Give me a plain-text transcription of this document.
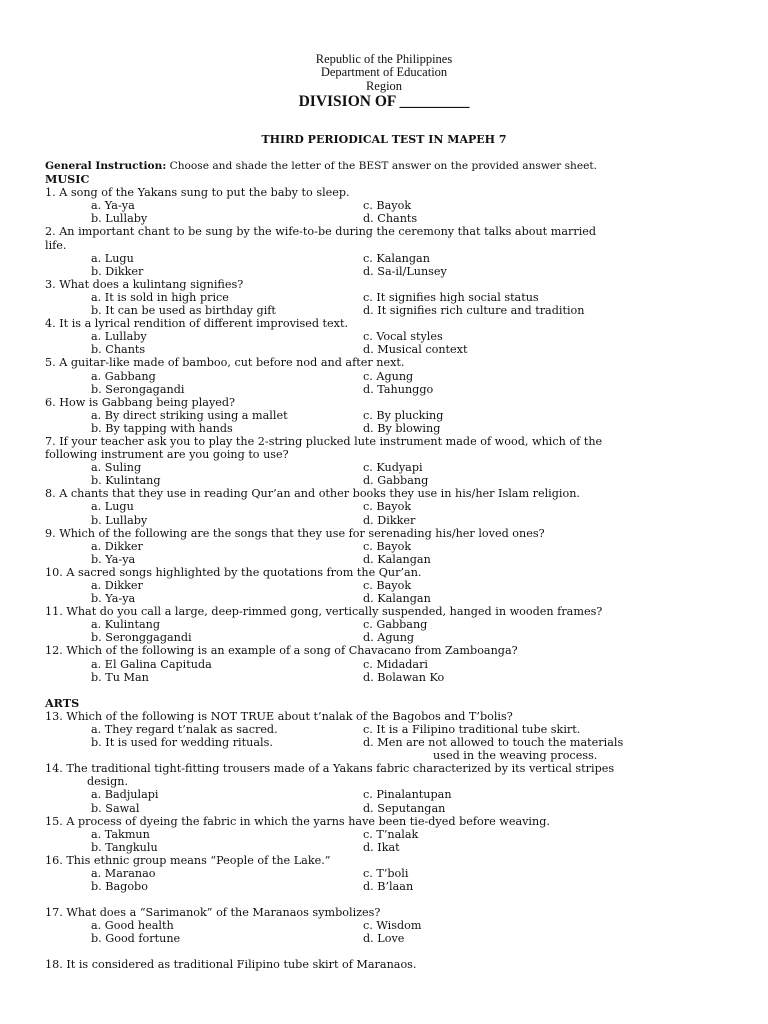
Republic of the Philippines
Department of Education
Region
DIVISION OF _________
THIRD PERIODICAL TEST IN MAPEH 7
General Instruction: Choose and shade the letter of the BEST answer on the provided answer sheet.
MUSIC
1. A song of the Yakans sung to put the baby to sleep.
a. Ya-ya	c. Bayok
b. Lullaby	d. Chants
2. An important chant to be sung by the wife-to-be during the ceremony that talks about married
life.
a. Lugu	c. Kalangan
b. Dikker	d. Sa-il/Lunsey
3. What does a kulintang signifies?
a. It is sold in high price	c. It signifies high social status
b. It can be used as birthday gift	d. It signifies rich culture and tradition
4. It is a lyrical rendition of different improvised text.
a. Lullaby	c. Vocal styles
b. Chants	d. Musical context
5. A guitar-like made of bamboo, cut before nod and after next.
a. Gabbang	c. Agung
b. Serongagandi	d. Tahunggo
6. How is Gabbang being played?
a. By direct striking using a mallet	c. By plucking
b. By tapping with hands	d. By blowing
7. If your teacher ask you to play the 2-string plucked lute instrument made of wood, which of the
following instrument are you going to use?
a. Suling	c. Kudyapi
b. Kulintang	d. Gabbang
8. A chants that they use in reading Qur’an and other books they use in his/her Islam religion.
a. Lugu	c. Bayok
b. Lullaby	d. Dikker
9. Which of the following are the songs that they use for serenading his/her loved ones?
a. Dikker	c. Bayok
b. Ya-ya	d. Kalangan
10. A sacred songs highlighted by the quotations from the Qur’an.
a. Dikker	c. Bayok
b. Ya-ya	d. Kalangan
11. What do you call a large, deep-rimmed gong, vertically suspended, hanged in wooden frames?
a. Kulintang	c. Gabbang
b. Seronggagandi	d. Agung
12. Which of the following is an example of a song of Chavacano from Zamboanga?
a. El Galina Capituda	c. Midadari
b. Tu Man	d. Bolawan Ko
ARTS
13. Which of the following is NOT TRUE about t’nalak of the Bagobos and T’bolis?
a. They regard t’nalak as sacred.	c. It is a Filipino traditional tube skirt.
b. It is used for wedding rituals.	d. Men are not allowed to touch the materials
used in the weaving process.
14. The traditional tight-fitting trousers made of a Yakans fabric characterized by its vertical stripes
design.
a. Badjulapi	c. Pinalantupan
b. Sawal	d. Seputangan
15. A process of dyeing the fabric in which the yarns have been tie-dyed before weaving.
a. Takmun	c. T’nalak
b. Tangkulu	d. Ikat
16. This ethnic group means “People of the Lake.”
a. Maranao	c. T’boli
b. Bagobo	d. B’laan
17. What does a “Sarimanok” of the Maranaos symbolizes?
a. Good health	c. Wisdom
b. Good fortune	d. Love
18. It is considered as traditional Filipino tube skirt of Maranaos.
